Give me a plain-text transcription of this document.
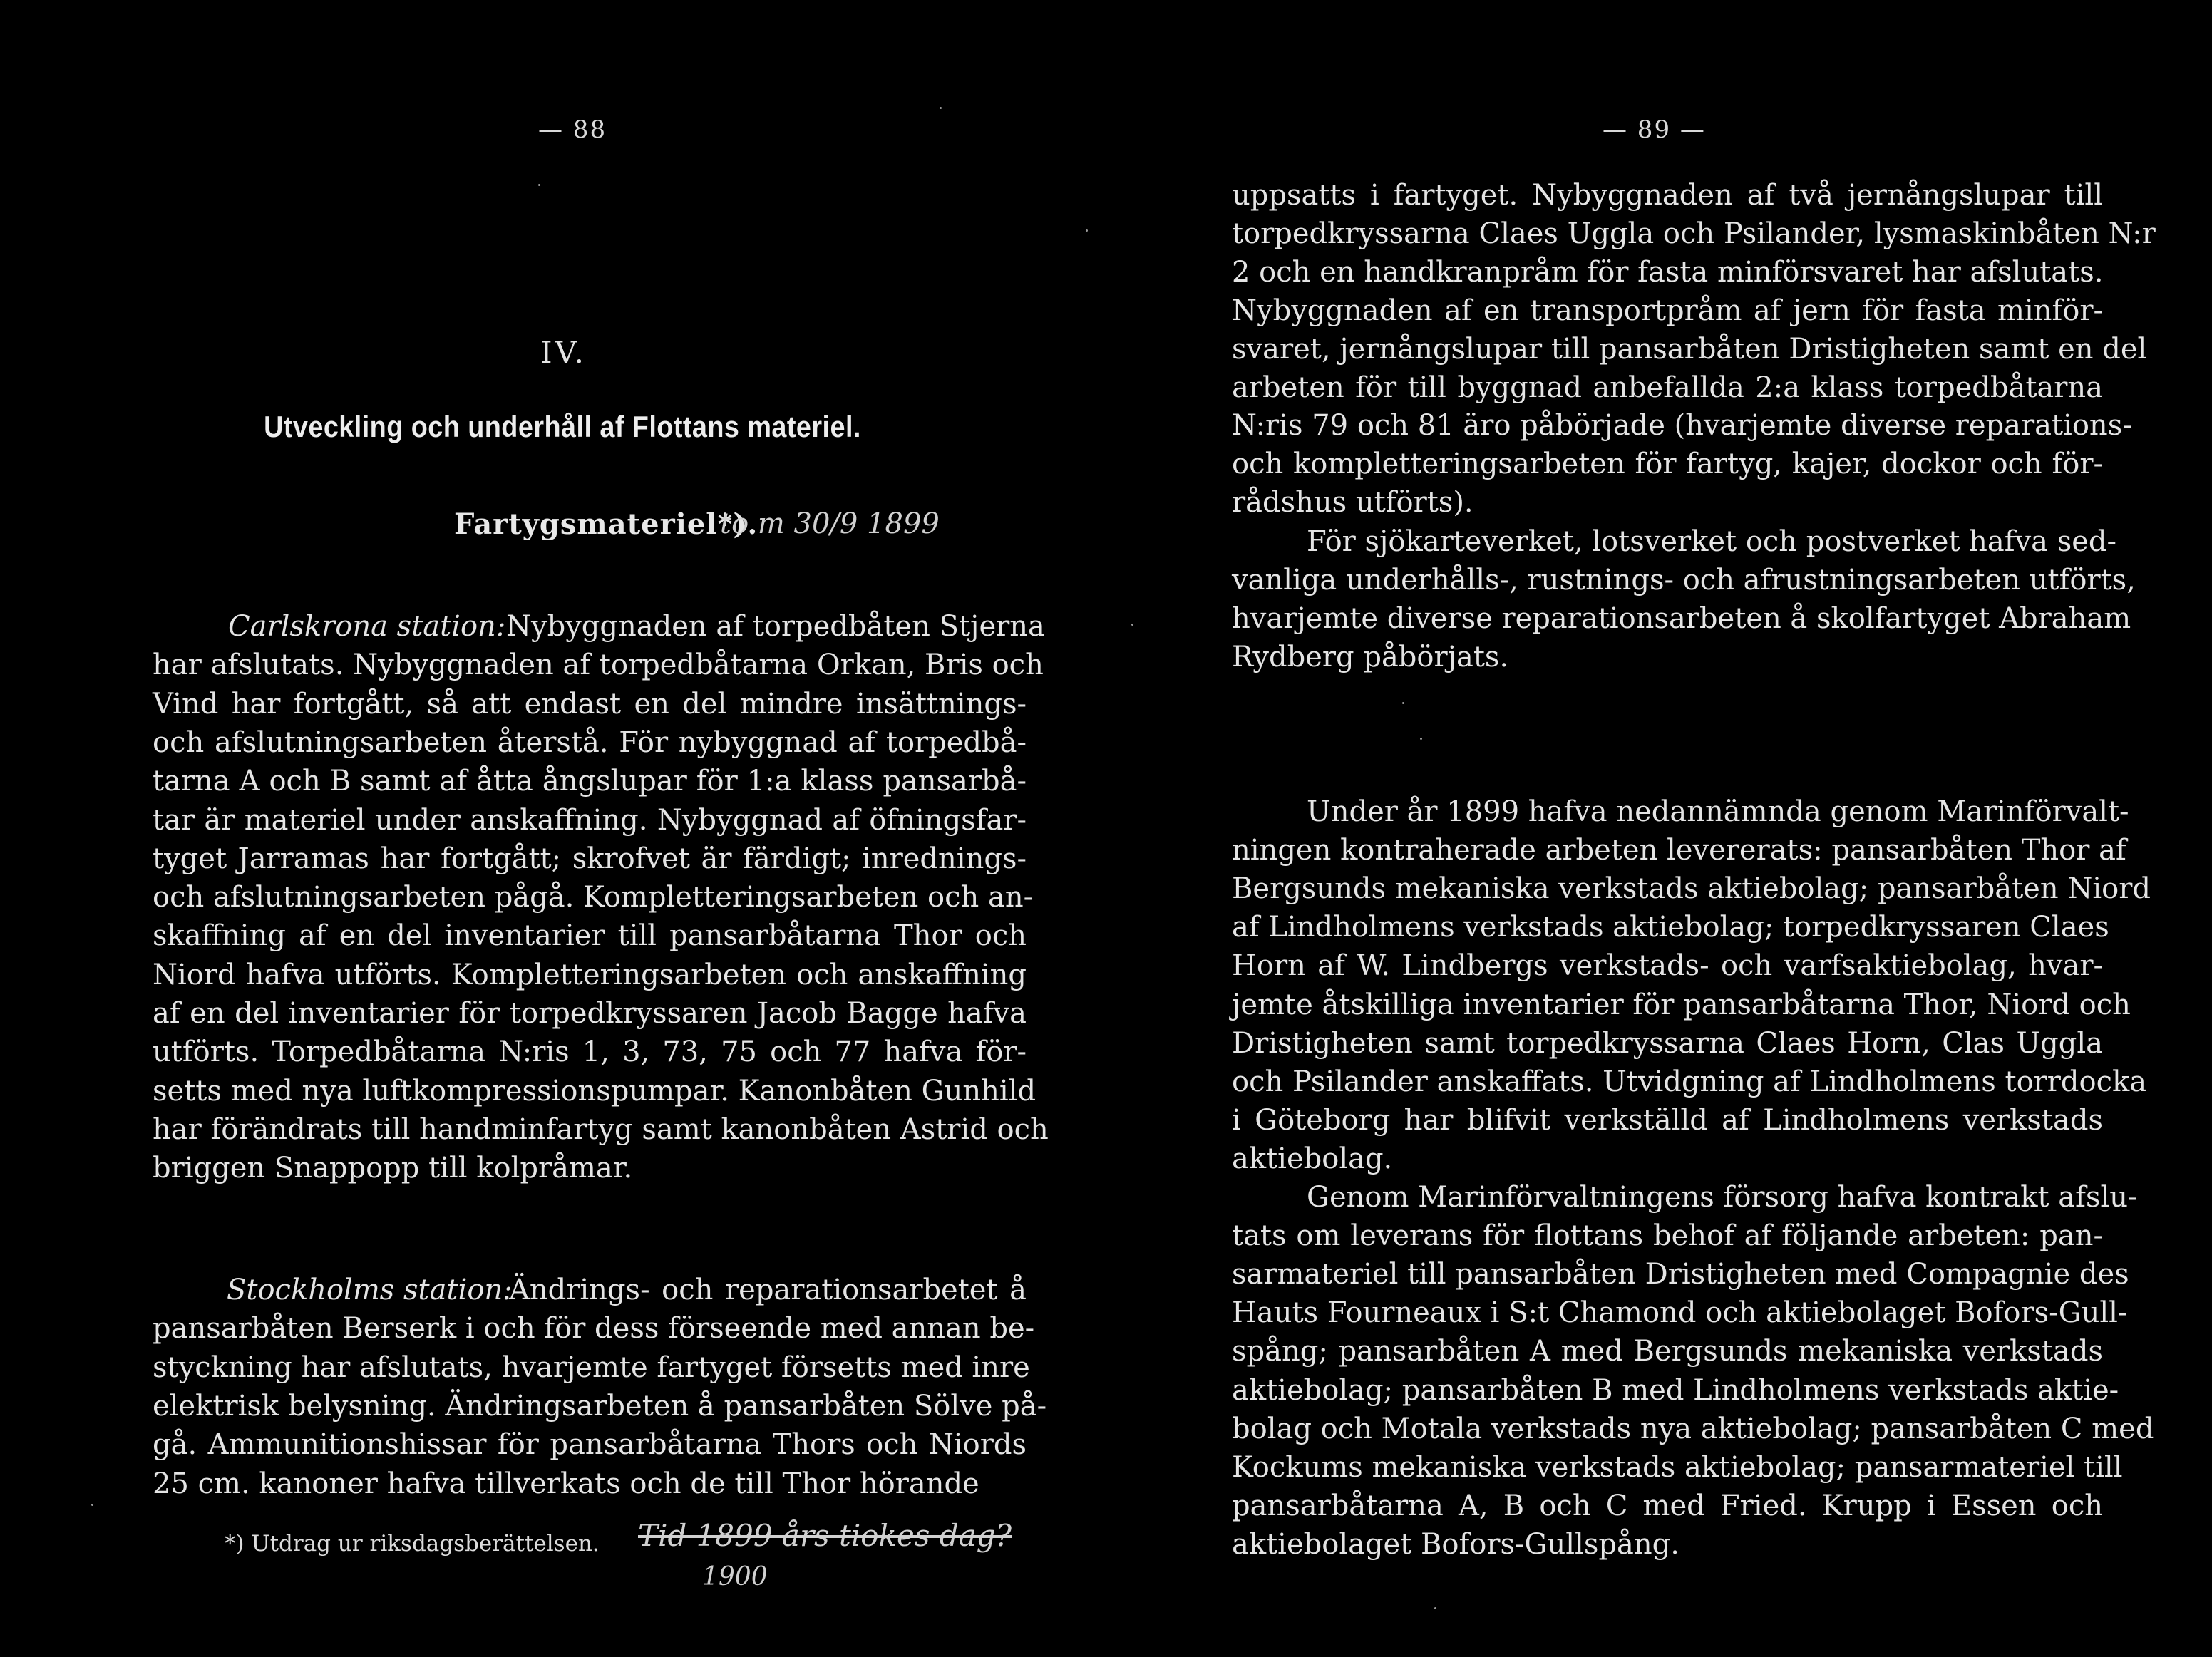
— 88
IV.
Utveckling och underhåll af Flottans materiel.
Fartygsmateriel*).
to m 30/9 1899
Nybyggnaden af torpedbåten Stjerna
har afslutats. Nybyggnaden af torpedbåtarna Orkan, Bris och
Vind har fortgått, så att endast en del mindre insättnings-
och afslutningsarbeten återstå. För nybyggnad af torpedbå-
tarna A och B samt af åtta ångslupar för 1:a klass pansarbå-
tar är materiel under anskaffning. Nybyggnad af öfningsfar-
tyget Jarramas har fortgått; skrofvet är färdigt; inrednings-
och afslutningsarbeten pågå. Kompletteringsarbeten och an-
skaffning af en del inventarier till pansarbåtarna Thor och
Niord hafva utförts. Kompletteringsarbeten och anskaffning
af en del inventarier för torpedkryssaren Jacob Bagge hafva
utförts. Torpedbåtarna N:ris 1, 3, 73, 75 och 77 hafva för-
setts med nya luftkompressionspumpar. Kanonbåten Gunhild
har förändrats till handminfartyg samt kanonbåten Astrid och
briggen Snappopp till kolpråmar.
Ändrings- och reparationsarbetet å
pansarbåten Berserk i och för dess förseende med annan be-
styckning har afslutats, hvarjemte fartyget försetts med inre
elektrisk belysning. Ändringsarbeten å pansarbåten Sölve på-
gå. Ammunitionshissar för pansarbåtarna Thors och Niords
25 cm. kanoner hafva tillverkats och de till Thor hörande
*) Utdrag ur riksdagsberättelsen. Tid 1899 års tiokes dag?
1900
Carlskrona station:
Stockholms station:
— 89 —
uppsatts i fartyget. Nybyggnaden af två jernångslupar till
torpedkryssarna Claes Uggla och Psilander, lysmaskinbåten N:r
2 och en handkranpråm för fasta minförsvaret har afslutats.
Nybyggnaden af en transportpråm af jern för fasta minför-
svaret, jernångslupar till pansarbåten Dristigheten samt en del
arbeten för till byggnad anbefallda 2:a klass torpedbåtarna
N:ris 79 och 81 äro påbörjade (hvarjemte diverse reparations-
och kompletteringsarbeten för fartyg, kajer, dockor och för-
rådshus utförts).
För sjökarteverket, lotsverket och postverket hafva sed-
vanliga underhålls-, rustnings- och afrustningsarbeten utförts,
hvarjemte diverse reparationsarbeten å skolfartyget Abraham
Rydberg påbörjats.
Under år 1899 hafva nedannämnda genom Marinförvalt-
ningen kontraherade arbeten levererats: pansarbåten Thor af
Bergsunds mekaniska verkstads aktiebolag; pansarbåten Niord
af Lindholmens verkstads aktiebolag; torpedkryssaren Claes
Horn af W. Lindbergs verkstads- och varfsaktiebolag, hvar-
jemte åtskilliga inventarier för pansarbåtarna Thor, Niord och
Dristigheten samt torpedkryssarna Claes Horn, Clas Uggla
och Psilander anskaffats. Utvidgning af Lindholmens torrdocka
i Göteborg har blifvit verkställd af Lindholmens verkstads
aktiebolag.
Genom Marinförvaltningens försorg hafva kontrakt afslu-
tats om leverans för flottans behof af följande arbeten: pan-
sarmateriel till pansarbåten Dristigheten med Compagnie des
Hauts Fourneaux i S:t Chamond och aktiebolaget Bofors-Gull-
spång; pansarbåten A med Bergsunds mekaniska verkstads
aktiebolag; pansarbåten B med Lindholmens verkstads aktie-
bolag och Motala verkstads nya aktiebolag; pansarbåten C med
Kockums mekaniska verkstads aktiebolag; pansarmateriel till
pansarbåtarna A, B och C med Fried. Krupp i Essen och
aktiebolaget Bofors-Gullspång.
